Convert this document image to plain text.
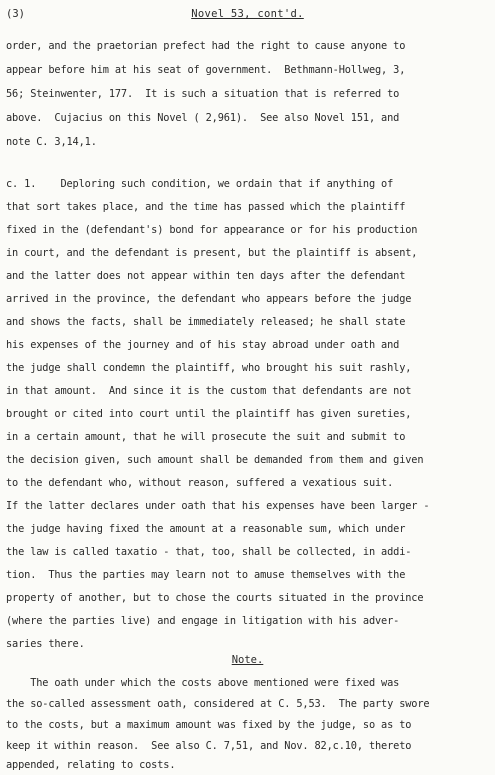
(3)	Novel 53, cont'd.
order, and the praetorian prefect had the right to cause anyone to
appear before him at his seat of government.  Bethmann-Hollweg, 3,
56; Steinwenter, 177.  It is such a situation that is referred to
above.  Cujacius on this Novel ( 2,961).  See also Novel 151, and
note C. 3,14,1.
c. 1.    Deploring such condition, we ordain that if anything of
that sort takes place, and the time has passed which the plaintiff
fixed in the (defendant's) bond for appearance or for his production
in court, and the defendant is present, but the plaintiff is absent,
and the latter does not appear within ten days after the defendant
arrived in the province, the defendant who appears before the judge
and shows the facts, shall be immediately released; he shall state
his expenses of the journey and of his stay abroad under oath and
the judge shall condemn the plaintiff, who brought his suit rashly,
in that amount.  And since it is the custom that defendants are not
brought or cited into court until the plaintiff has given sureties,
in a certain amount, that he will prosecute the suit and submit to
the decision given, such amount shall be demanded from them and given
to the defendant who, without reason, suffered a vexatious suit.
If the latter declares under oath that his expenses have been larger -
the judge having fixed the amount at a reasonable sum, which under
the law is called taxatio - that, too, shall be collected, in addi-
tion.  Thus the parties may learn not to amuse themselves with the
property of another, but to chose the courts situated in the province
(where the parties live) and engage in litigation with his adver-
saries there.
Note.
The oath under which the costs above mentioned were fixed was
the so-called assessment oath, considered at C. 5,53.  The party swore
to the costs, but a maximum amount was fixed by the judge, so as to
keep it within reason.  See also C. 7,51, and Nov. 82,c.10, thereto
appended, relating to costs.
